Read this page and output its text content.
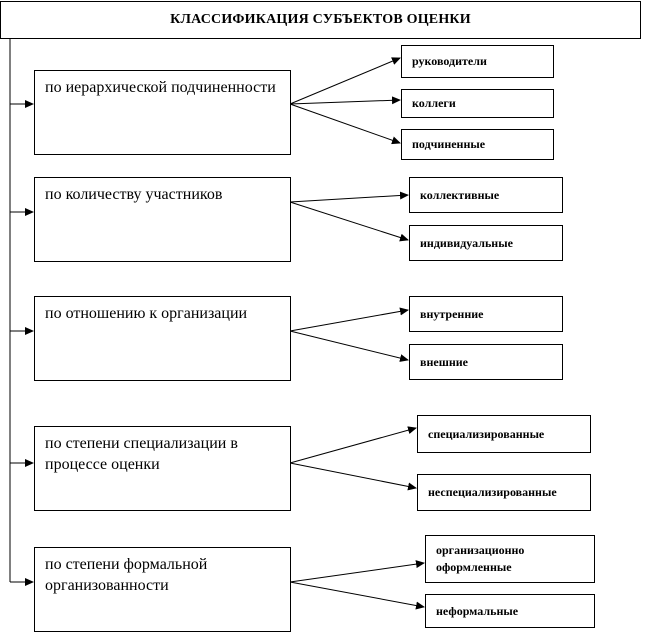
КЛАССИФИКАЦИЯ СУБЪЕКТОВ ОЦЕНКИ
по иерархической подчиненности
руководители
коллеги
подчиненные
по количеству участников	коллективные
индивидуальные
по отношению к организации	внутренние
внешние
по степени специализации в процессе оценки
специализированные
неспециализированные
по степени формальной организованности
организационно оформленные
неформальные
